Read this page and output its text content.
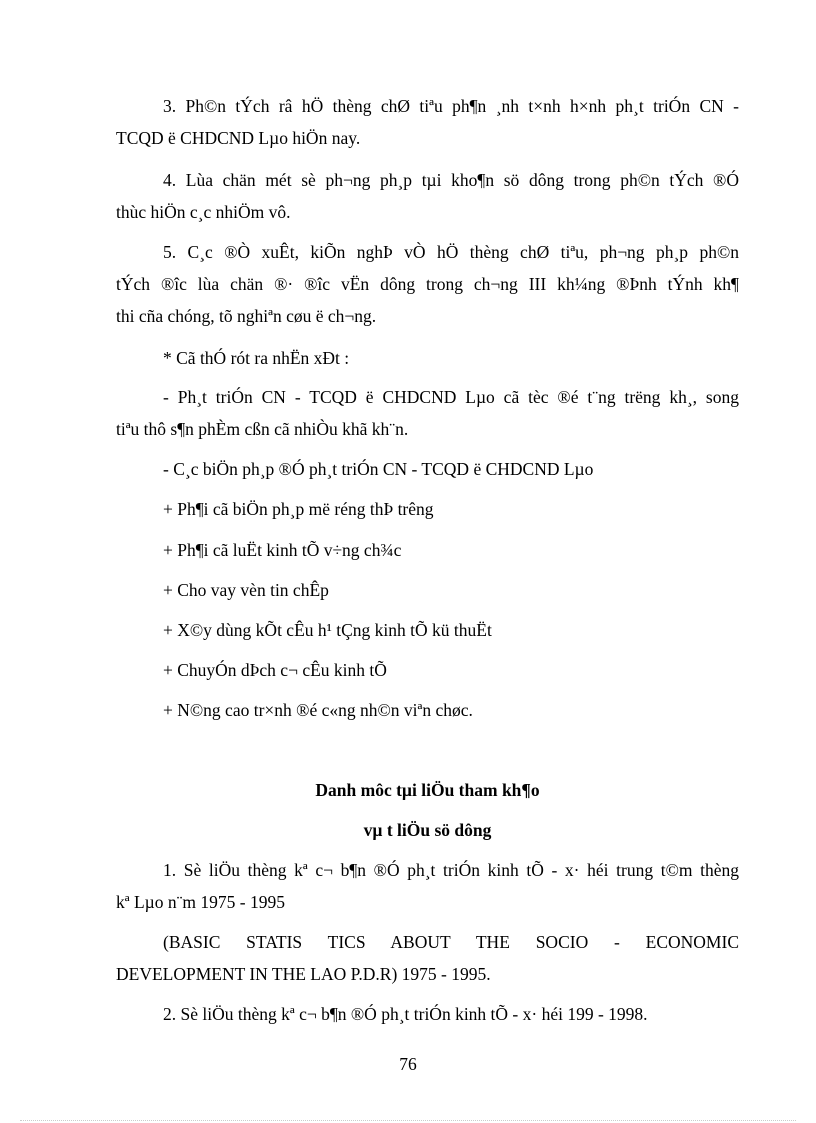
3. Ph©n tÝch râ hÖ thèng chØ tiªu ph¶n ¸nh t×nh h×nh ph¸t triÓn CN -
TCQD ë CHDCND Lµo hiÖn nay.
4. Lùa chän mét sè ph¬ng ph¸p tµi kho¶n sö dông trong ph©n tÝch ®Ó
thùc hiÖn c¸c nhiÖm vô.
5. C¸c ®Ò xuÊt, kiÕn nghÞ vÒ hÖ thèng chØ tiªu, ph¬ng ph¸p ph©n
tÝch ®îc lùa chän ®· ®îc vËn dông trong ch¬ng III kh¼ng ®Þnh tÝnh kh¶
thi cña chóng, tõ nghiªn cøu ë ch¬ng.
* Cã thÓ rót ra nhËn xÐt :
- Ph¸t triÓn CN - TCQD ë CHDCND Lµo cã tèc ®é t¨ng trëng kh¸, song
tiªu thô s¶n phÈm cßn cã nhiÒu khã kh¨n.
- C¸c biÖn ph¸p ®Ó ph¸t triÓn CN - TCQD ë CHDCND Lµo
+ Ph¶i cã biÖn ph¸p më réng thÞ trêng
+ Ph¶i cã luËt kinh tÕ v÷ng ch¾c
+ Cho vay vèn tin chÊp
+ X©y dùng kÕt cÊu h¹ tÇng kinh tÕ kü thuËt
+ ChuyÓn dÞch c¬ cÊu kinh tÕ
+ N©ng cao tr×nh ®é c«ng nh©n viªn chøc.
Danh môc tµi liÖu tham kh¶o
vµ t liÖu sö dông
1. Sè liÖu thèng kª c¬ b¶n ®Ó ph¸t triÓn kinh tÕ - x· héi trung t©m thèng
kª Lµo n¨m 1975 - 1995
(BASIC STATIS TICS ABOUT THE SOCIO - ECONOMIC
DEVELOPMENT IN THE LAO P.D.R) 1975 - 1995.
2. Sè liÖu thèng kª c¬ b¶n ®Ó ph¸t triÓn kinh tÕ - x· héi 199 - 1998.
76
